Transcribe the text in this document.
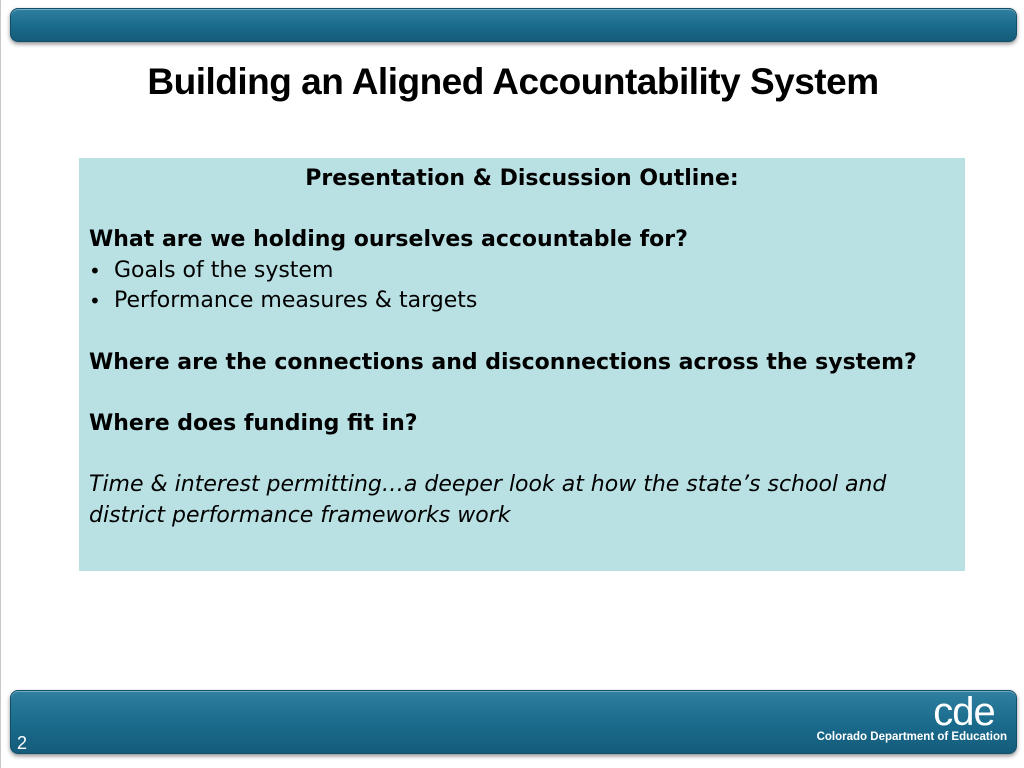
Building an Aligned Accountability System
Presentation & Discussion Outline:
What are we holding ourselves accountable for?
• Goals of the system
• Performance measures & targets
Where are the connections and disconnections across the system?
Where does funding fit in?
Time & interest permitting…a deeper look at how the state’s school and district performance frameworks work
2
cde
Colorado Department of Education
